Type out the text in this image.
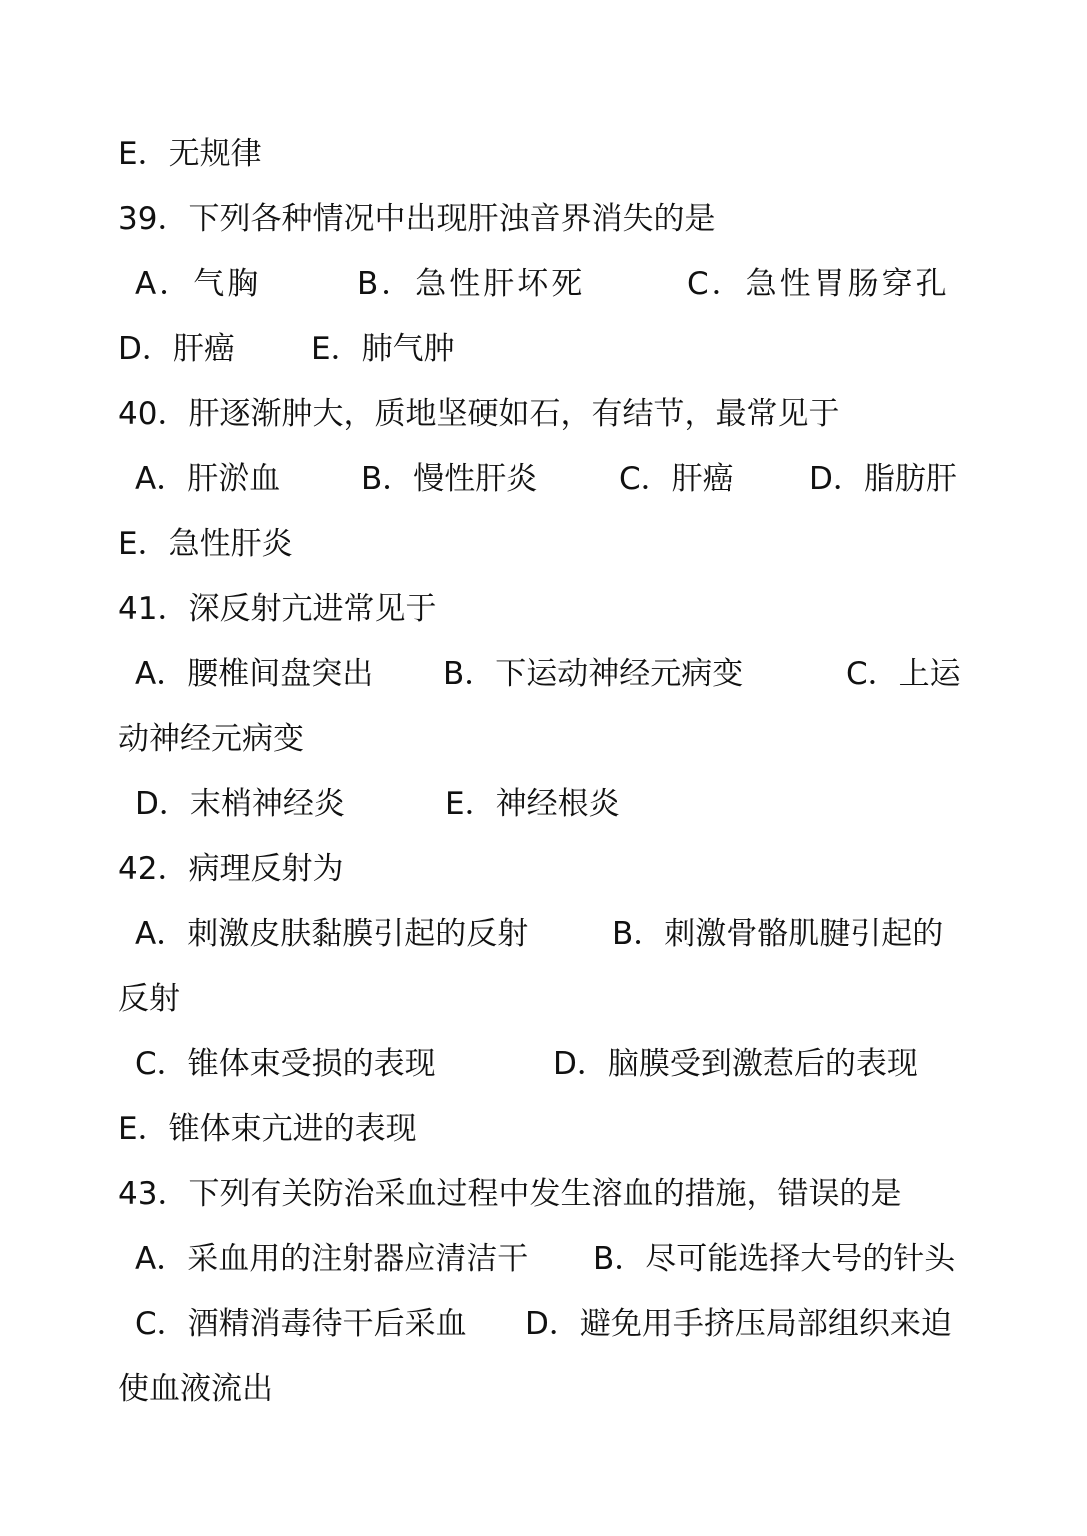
E．无规律
39．下列各种情况中出现肝浊音界消失的是
A．气胸	B．急性肝坏死	C．急性胃肠穿孔
D．肝癌 E．肺气肿
40．肝逐渐肿大，质地坚硬如石，有结节，最常见于
A．肝淤血	B．慢性肝炎	C．肝癌 D．脂肪肝
E．急性肝炎
41．深反射亢进常见于
A．腰椎间盘突出 B．下运动神经元病变	C．上运
动神经元病变
D．末梢神经炎	E．神经根炎
42．病理反射为
A．刺激皮肤黏膜引起的反射	B．刺激骨骼肌腱引起的
反射
C．锥体束受损的表现	D．脑膜受到激惹后的表现
E．锥体束亢进的表现
43．下列有关防治采血过程中发生溶血的措施，错误的是
A．采血用的注射器应清洁干 B．尽可能选择大号的针头
C．酒精消毒待干后采血 D．避免用手挤压局部组织来迫
使血液流出
